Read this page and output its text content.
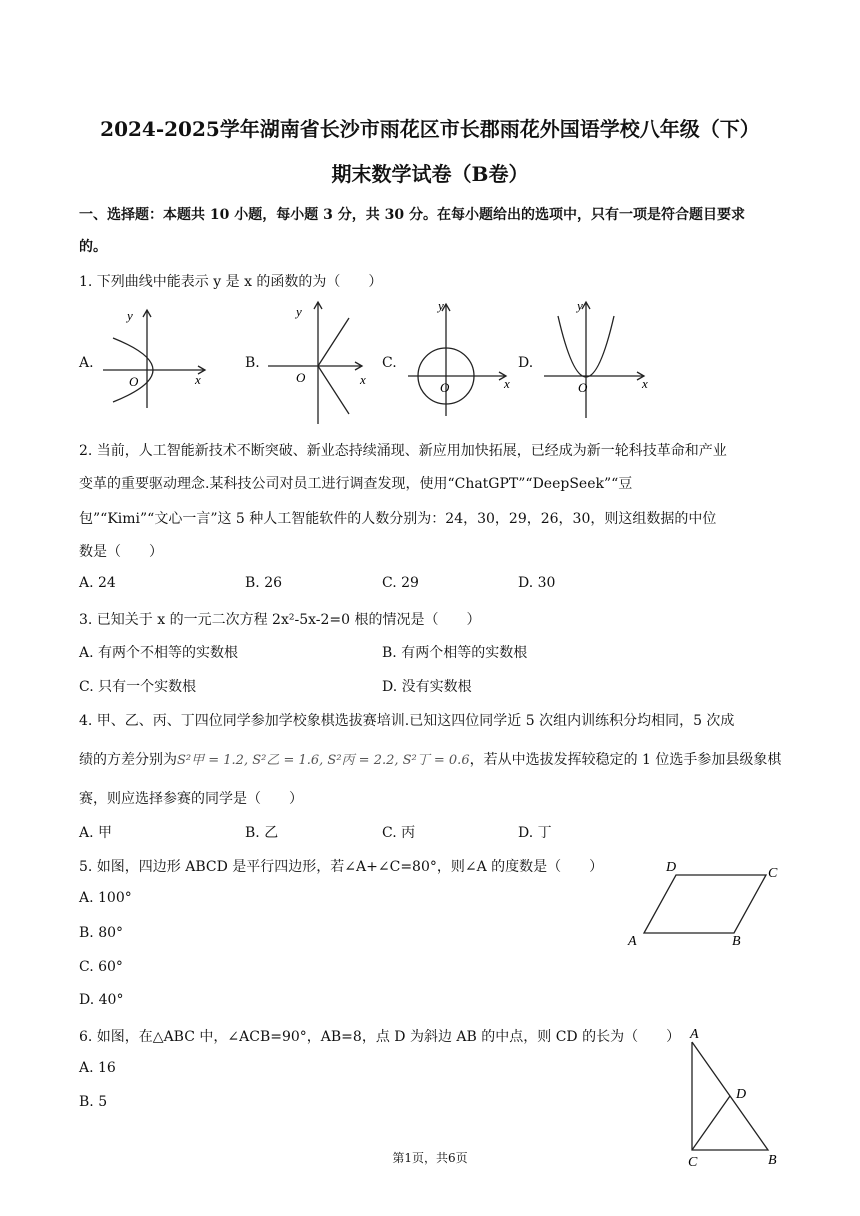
2024-2025学年湖南省长沙市雨花区市长郡雨花外国语学校八年级（下）
期末数学试卷（B卷）
一、选择题：本题共 10 小题，每小题 3 分，共 30 分。在每小题给出的选项中，只有一项是符合题目要求
的。
1. 下列曲线中能表示 y 是 x 的函数的为（　　）
A.	B.	C.	D.
y
x
O
y
x
O
y
x
O
y
x
O
2. 当前，人工智能新技术不断突破、新业态持续涌现、新应用加快拓展，已经成为新一轮科技革命和产业
变革的重要驱动理念.某科技公司对员工进行调查发现，使用“ChatGPT”“DeepSeek”“豆
包”“Kimi”“文心一言”这 5 种人工智能软件的人数分别为：24，30，29，26，30，则这组数据的中位
数是（　　）
A. 24	B. 26	C. 29	D. 30
3. 已知关于 x 的一元二次方程 2x²-5x-2=0 根的情况是（　　）
A. 有两个不相等的实数根	B. 有两个相等的实数根
C. 只有一个实数根	D. 没有实数根
4. 甲、乙、丙、丁四位同学参加学校象棋选拔赛培训.已知这四位同学近 5 次组内训练积分均相同，5 次成
绩的方差分别为S²甲 = 1.2, S²乙 = 1.6, S²丙 = 2.2, S²丁 = 0.6，若从中选拔发挥较稳定的 1 位选手参加县级象棋
赛，则应选择参赛的同学是（　　）
A. 甲	B. 乙	C. 丙	D. 丁
5. 如图，四边形 ABCD 是平行四边形，若∠A+∠C=80°，则∠A 的度数是（　　）
A. 100°
B. 80°
C. 60°
D. 40°
A	B
C
D
6. 如图，在△ABC 中，∠ACB=90°，AB=8，点 D 为斜边 AB 的中点，则 CD 的长为（　　）
A. 16
B. 5
A
B
C
D
第1页，共6页
